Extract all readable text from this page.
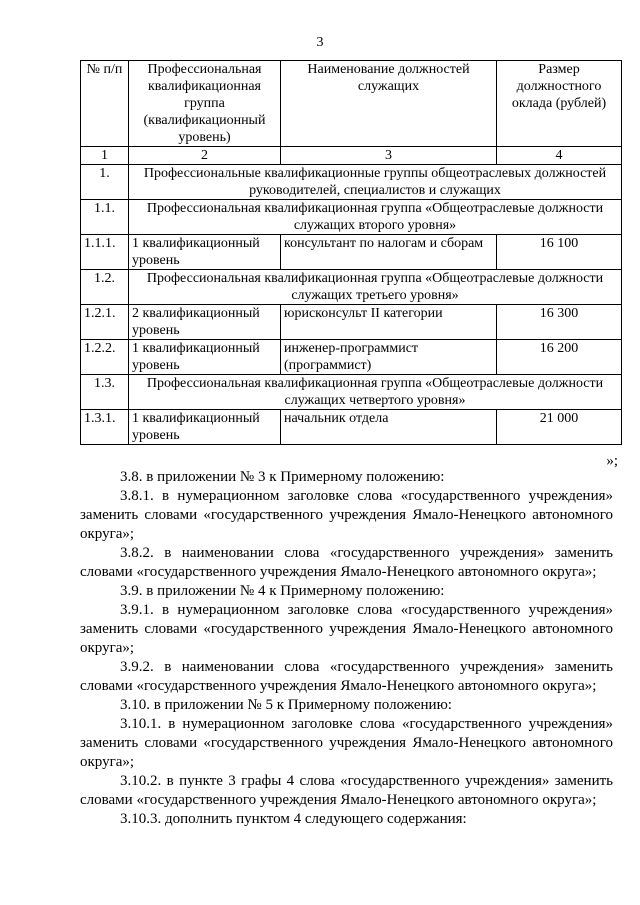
3
№ п/п	Профессиональная квалификационная группа (квалификационный уровень)	Наименование должностей служащих	Размер должностного оклада (рублей)
1	2	3	4
1.	Профессиональные квалификационные группы общеотраслевых должностей руководителей, специалистов и служащих		
1.1.	Профессиональная квалификационная группа «Общеотраслевые должности служащих второго уровня»		
1.1.1.	1 квалификационный уровень	консультант по налогам и сборам	16 100
1.2.	Профессиональная квалификационная группа «Общеотраслевые должности служащих третьего уровня»		
1.2.1.	2 квалификационный уровень	юрисконсульт II категории	16 300
1.2.2.	1 квалификационный уровень	инженер-программист (программист)	16 200
1.3.	Профессиональная квалификационная группа «Общеотраслевые должности служащих четвертого уровня»		
1.3.1.	1 квалификационный уровень	начальник отдела	21 000
»;

3.8. в приложении № 3 к Примерному положению:

3.8.1. в нумерационном заголовке слова «государственного учреждения» заменить словами «государственного учреждения Ямало-Ненецкого автономного округа»;

3.8.2. в наименовании слова «государственного учреждения» заменить словами «государственного учреждения Ямало-Ненецкого автономного округа»;

3.9. в приложении № 4 к Примерному положению:

3.9.1. в нумерационном заголовке слова «государственного учреждения» заменить словами «государственного учреждения Ямало-Ненецкого автономного округа»;

3.9.2. в наименовании слова «государственного учреждения» заменить словами «государственного учреждения Ямало-Ненецкого автономного округа»;

3.10. в приложении № 5 к Примерному положению:

3.10.1. в нумерационном заголовке слова «государственного учреждения» заменить словами «государственного учреждения Ямало-Ненецкого автономного округа»;

3.10.2. в пункте 3 графы 4 слова «государственного учреждения» заменить словами «государственного учреждения Ямало-Ненецкого автономного округа»;

3.10.3. дополнить пунктом 4 следующего содержания:
